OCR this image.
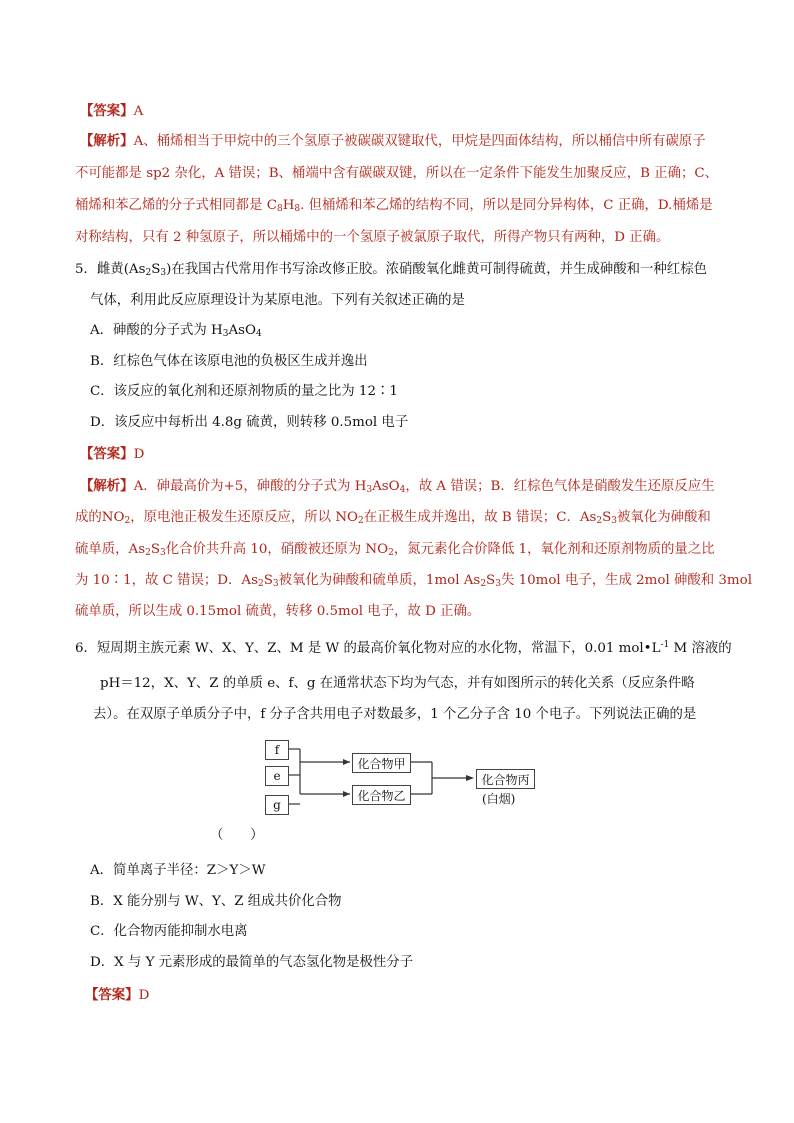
【答案】A
【解析】A、桶烯相当于甲烷中的三个氢原子被碳碳双键取代，甲烷是四面体结构，所以桶信中所有碳原子
不可能都是 sp2 杂化，A 错误；B、桶端中含有碳碳双键，所以在一定条件下能发生加聚反应，B 正确；C、
桶烯和苯乙烯的分子式相同都是 $C_8H_8$. 但桶烯和苯乙烯的结构不同，所以是同分异构体，C 正确，D.桶烯是
对称结构，只有 2 种氢原子，所以桶烯中的一个氢原子被氯原子取代，所得产物只有两种，D 正确。
5．雌黄$(As_2S_3)$在我国古代常用作书写涂改修正胶。浓硝酸氧化雌黄可制得硫黄，并生成砷酸和一种红棕色
气体，利用此反应原理设计为某原电池。下列有关叙述正确的是
A．砷酸的分子式为 $H_3AsO_4$
B．红棕色气体在该原电池的负极区生成并逸出
C．该反应的氧化剂和还原剂物质的量之比为 12∶1
D．该反应中每析出 4.8g 硫黄，则转移 0.5mol 电子
【答案】D
【解析】A．砷最高价为+5，砷酸的分子式为 $H_3AsO_4$，故 A 错误；B．红棕色气体是硝酸发生还原反应生
成的$NO_2$，原电池正极发生还原反应，所以 $NO_2$在正极生成并逸出，故 B 错误；C．$As_2S_3$被氧化为砷酸和
硫单质，$As_2S_3$化合价共升高 10，硝酸被还原为 $NO_2$，氮元素化合价降低 1，氧化剂和还原剂物质的量之比
为 10∶1，故 C 错误；D．$As_2S_3$被氧化为砷酸和硫单质，1mol $As_2S_3$失 10mol 电子，生成 2mol 砷酸和 3mol
硫单质，所以生成 0.15mol 硫黄，转移 0.5mol 电子，故 D 正确。
6．短周期主族元素 W、X、Y、Z、M 是 W 的最高价氧化物对应的水化物，常温下，0.01 $mol•L^{-1}$ M 溶液的
pH＝12，X、Y、Z 的单质 e、f、g 在通常状态下均为气态，并有如图所示的转化关系（反应条件略
去）。在双原子单质分子中，f 分子含共用电子对数最多，1 个乙分子含 10 个电子。下列说法正确的是
f
e
g
化合物甲
化合物乙
化合物丙
(白烟)
（　　）
A．简单离子半径：Z＞Y＞W
B．X 能分别与 W、Y、Z 组成共价化合物
C．化合物丙能抑制水电离
D．X 与 Y 元素形成的最简单的气态氢化物是极性分子
【答案】D
